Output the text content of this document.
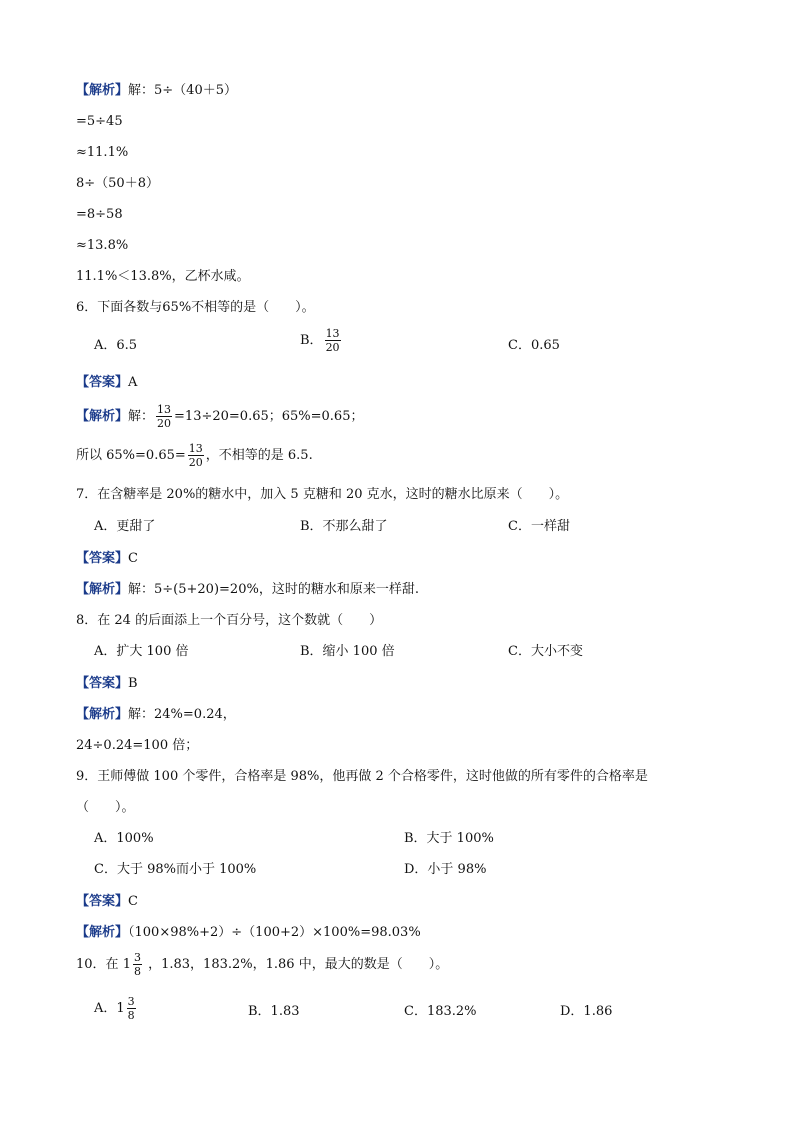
【解析】解：5÷（40＋5）
=5÷45
≈11.1%
8÷（50＋8）
=8÷58
≈13.8%
11.1%＜13.8%，乙杯水咸。
6．下面各数与65%不相等的是（　　）。
A．6.5	B． $\frac{13}{20}$	C．0.65
【答案】A
【解析】解： $\frac{13}{20} =13\div 20=0.65$；65%=0.65；
所以 $65\%=0.65= \frac{13}{20}$ ，不相等的是 6.5.
7．在含糖率是 20%的糖水中，加入 5 克糖和 20 克水，这时的糖水比原来（　　）。
A．更甜了	B．不那么甜了	C．一样甜
【答案】C
【解析】解：5÷(5+20)=20%，这时的糖水和原来一样甜.
8．在 24 的后面添上一个百分号，这个数就（　　）
A．扩大 100 倍	B．缩小 100 倍	C．大小不变
【答案】B
【解析】解：24%=0.24，
24÷0.24=100 倍；
9．王师傅做 100 个零件，合格率是 98%，他再做 2 个合格零件，这时他做的所有零件的合格率是
（　　）。
A．100%	B．大于 100%
C．大于 98%而小于 100%	D．小于 98%
【答案】C
【解析】（100×98%+2）÷（100+2）×100%=98.03%
10．在 $1 \frac{3}{8}$ ，1.83，183.2%，1.86 中，最大的数是（　　）。
A．$1 \frac{3}{8}$	B．1.83	C．183.2%	D．1.86
